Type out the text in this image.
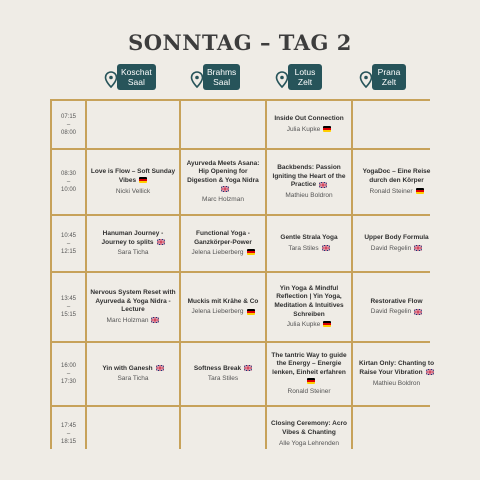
SONNTAG – TAG 2
Koschat
Saal
Brahms
Saal
Lotus
Zelt
Prana
Zelt
07:15
–
08:00
Inside Out Connection
Julia Kupke
08:30
–
10:00
Love is Flow – Soft Sunday Vibes
Nicki Vellick
Ayurveda Meets Asana: Hip Opening for Digestion & Yoga Nidra
Marc Holzman
Backbends: Passion Igniting the Heart of the Practice
Mathieu Boldron
YogaDoc – Eine Reise durch den Körper
Ronald Steiner
10:45
–
12:15
Hanuman Journey - Journey to splits
Sara Ticha
Functional Yoga - Ganzkörper-Power
Jelena Lieberberg
Gentle Strala Yoga
Tara Stiles
Upper Body Formula
David Regelin
13:45
–
15:15
Nervous System Reset with Ayurveda & Yoga Nidra - Lecture
Marc Holzman
Muckis mit Krähe & Co
Jelena Lieberberg
Yin Yoga & Mindful Reflection | Yin Yoga, Meditation & Intuitives Schreiben
Julia Kupke
Restorative Flow
David Regelin
16:00
–
17:30
Yin with Ganesh
Sara Ticha
Softness Break
Tara Stiles
The tantric Way to guide the Energy – Energie lenken, Einheit erfahren
Ronald Steiner
Kirtan Only: Chanting to Raise Your Vibration
Mathieu Boldron
17:45
–
18:15
Closing Ceremony: Acro Vibes & Chanting
Alle Yoga Lehrenden
